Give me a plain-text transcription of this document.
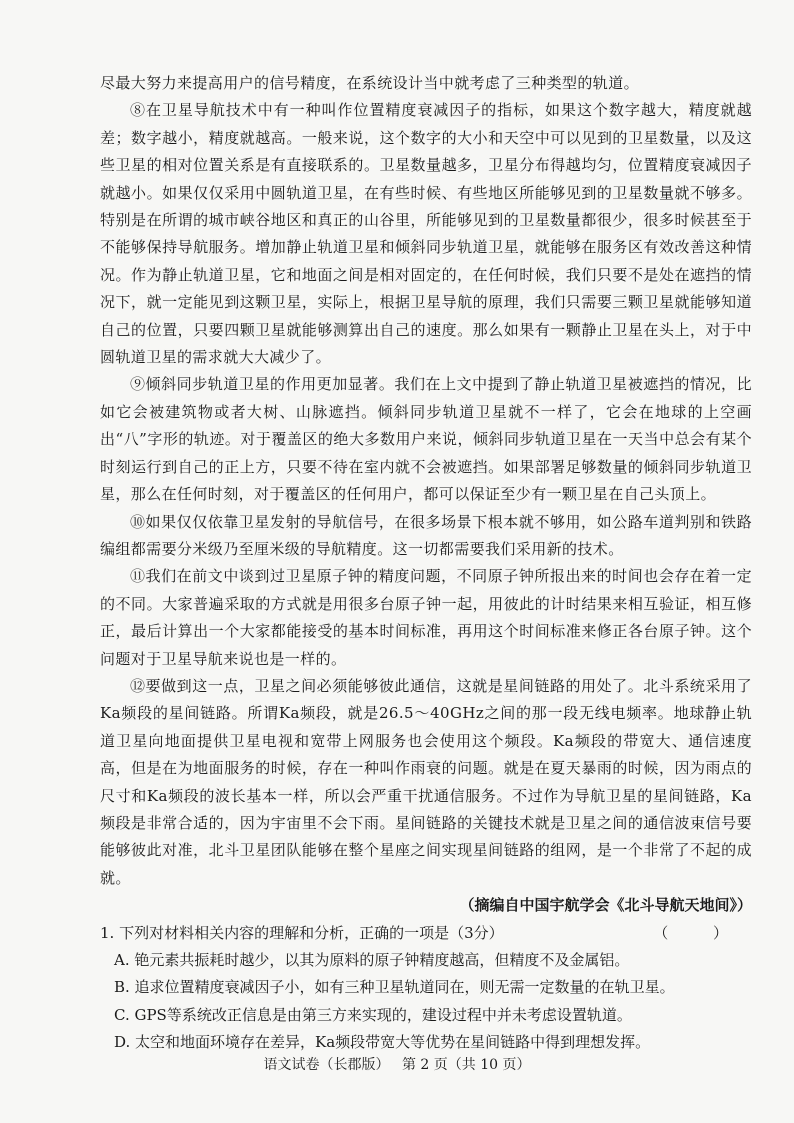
尽最大努力来提高用户的信号精度，在系统设计当中就考虑了三种类型的轨道。

⑧在卫星导航技术中有一种叫作位置精度衰减因子的指标，如果这个数字越大，精度就越差；数字越小，精度就越高。一般来说，这个数字的大小和天空中可以见到的卫星数量，以及这些卫星的相对位置关系是有直接联系的。卫星数量越多，卫星分布得越均匀，位置精度衰减因子就越小。如果仅仅采用中圆轨道卫星，在有些时候、有些地区所能够见到的卫星数量就不够多。特别是在所谓的城市峡谷地区和真正的山谷里，所能够见到的卫星数量都很少，很多时候甚至于不能够保持导航服务。增加静止轨道卫星和倾斜同步轨道卫星，就能够在服务区有效改善这种情况。作为静止轨道卫星，它和地面之间是相对固定的，在任何时候，我们只要不是处在遮挡的情况下，就一定能见到这颗卫星，实际上，根据卫星导航的原理，我们只需要三颗卫星就能够知道自己的位置，只要四颗卫星就能够测算出自己的速度。那么如果有一颗静止卫星在头上，对于中圆轨道卫星的需求就大大减少了。

⑨倾斜同步轨道卫星的作用更加显著。我们在上文中提到了静止轨道卫星被遮挡的情况，比如它会被建筑物或者大树、山脉遮挡。倾斜同步轨道卫星就不一样了，它会在地球的上空画出“八”字形的轨迹。对于覆盖区的绝大多数用户来说，倾斜同步轨道卫星在一天当中总会有某个时刻运行到自己的正上方，只要不待在室内就不会被遮挡。如果部署足够数量的倾斜同步轨道卫星，那么在任何时刻，对于覆盖区的任何用户，都可以保证至少有一颗卫星在自己头顶上。

⑩如果仅仅依靠卫星发射的导航信号，在很多场景下根本就不够用，如公路车道判别和铁路编组都需要分米级乃至厘米级的导航精度。这一切都需要我们采用新的技术。

⑪我们在前文中谈到过卫星原子钟的精度问题，不同原子钟所报出来的时间也会存在着一定的不同。大家普遍采取的方式就是用很多台原子钟一起，用彼此的计时结果来相互验证，相互修正，最后计算出一个大家都能接受的基本时间标准，再用这个时间标准来修正各台原子钟。这个问题对于卫星导航来说也是一样的。

⑫要做到这一点，卫星之间必须能够彼此通信，这就是星间链路的用处了。北斗系统采用了Ka频段的星间链路。所谓Ka频段，就是26.5～40GHz之间的那一段无线电频率。地球静止轨道卫星向地面提供卫星电视和宽带上网服务也会使用这个频段。Ka频段的带宽大、通信速度高，但是在为地面服务的时候，存在一种叫作雨衰的问题。就是在夏天暴雨的时候，因为雨点的尺寸和Ka频段的波长基本一样，所以会严重干扰通信服务。不过作为导航卫星的星间链路，Ka频段是非常合适的，因为宇宙里不会下雨。星间链路的关键技术就是卫星之间的通信波束信号要能够彼此对准，北斗卫星团队能够在整个星座之间实现星间链路的组网，是一个非常了不起的成就。

（摘编自中国宇航学会《北斗导航天地间》）

1. 下列对材料相关内容的理解和分析，正确的一项是（3分）	（ ）

A. 铯元素共振耗时越少，以其为原料的原子钟精度越高，但精度不及金属铝。

B. 追求位置精度衰减因子小，如有三种卫星轨道同在，则无需一定数量的在轨卫星。

C. GPS等系统改正信息是由第三方来实现的，建设过程中并未考虑设置轨道。

D. 太空和地面环境存在差异，Ka频段带宽大等优势在星间链路中得到理想发挥。

语文试卷（长郡版） 第 2 页（共 10 页）
